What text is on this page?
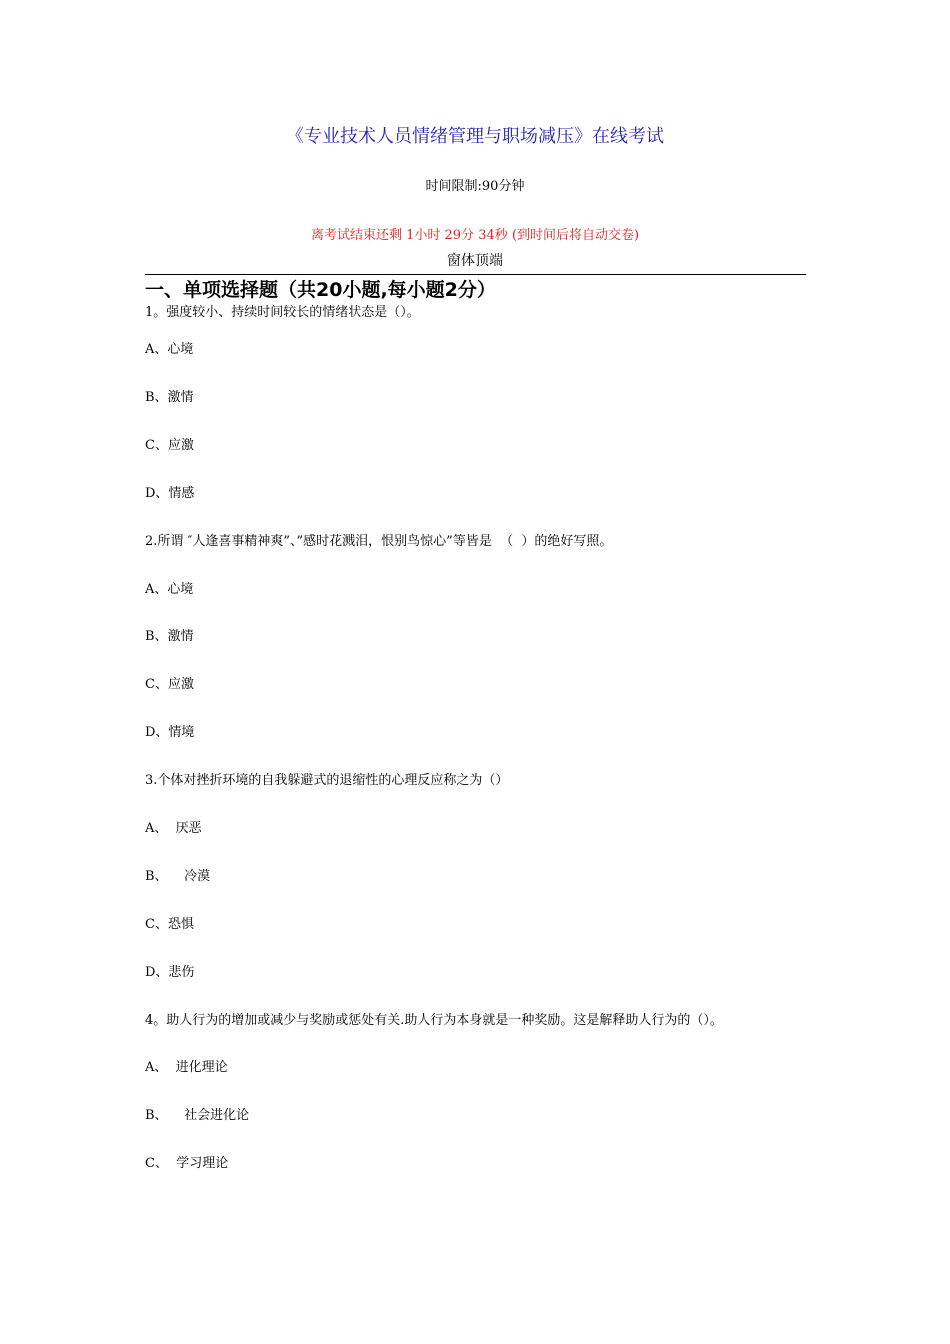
《专业技术人员情绪管理与职场减压》在线考试
时间限制:90分钟
离考试结束还剩 1小时 29分 34秒 (到时间后将自动交卷)
窗体顶端
一、单项选择题（共20小题,每小题2分）
1。强度较小、持续时间较长的情绪状态是（）。
A、心境
B、激情
C、应激
D、情感
2.所谓 ″人逢喜事精神爽”、”感时花溅泪，恨别鸟惊心”等皆是  （  ）的绝好写照。
A、心境
B、激情
C、应激
D、情境
3.个体对挫折环境的自我躲避式的退缩性的心理反应称之为（）
A、  厌恶
B、    冷漠
C、恐惧
D、悲伤
4。助人行为的增加或减少与奖励或惩处有关.助人行为本身就是一种奖励。这是解释助人行为的（）。
A、  进化理论
B、    社会进化论
C、  学习理论
